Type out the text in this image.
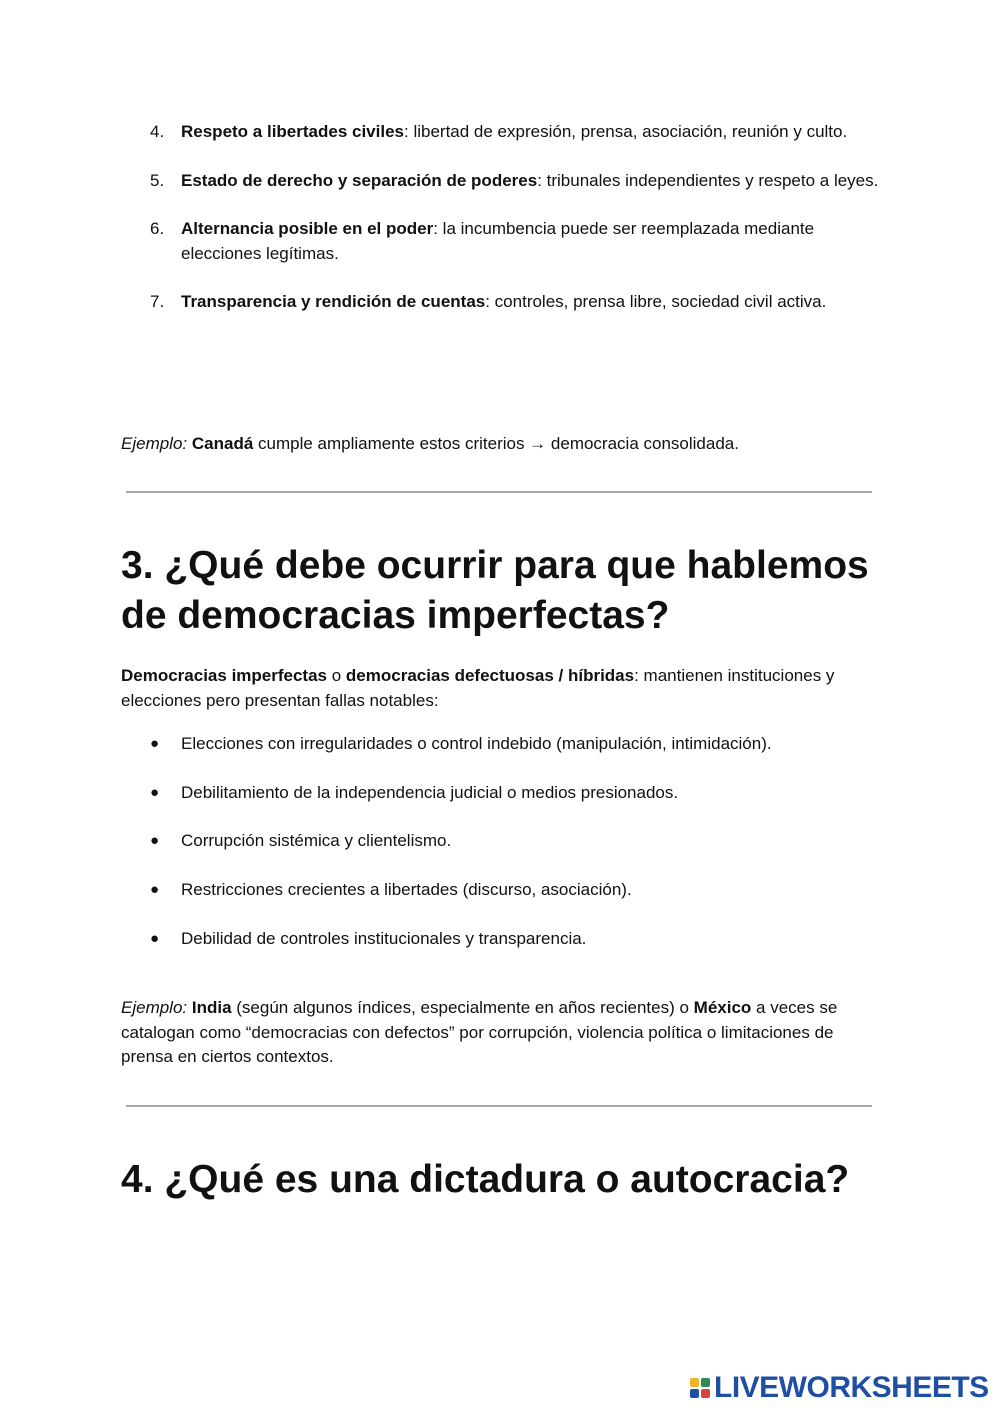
4. Respeto a libertades civiles: libertad de expresión, prensa, asociación, reunión y culto.
5. Estado de derecho y separación de poderes: tribunales independientes y respeto a leyes.
6. Alternancia posible en el poder: la incumbencia puede ser reemplazada mediante elecciones legítimas.
7. Transparencia y rendición de cuentas: controles, prensa libre, sociedad civil activa.

Ejemplo: Canadá cumple ampliamente estos criterios → democracia consolidada.

3. ¿Qué debe ocurrir para que hablemos de democracias imperfectas?

Democracias imperfectas o democracias defectuosas / híbridas: mantienen instituciones y elecciones pero presentan fallas notables:

● Elecciones con irregularidades o control indebido (manipulación, intimidación).
● Debilitamiento de la independencia judicial o medios presionados.
● Corrupción sistémica y clientelismo.
● Restricciones crecientes a libertades (discurso, asociación).
● Debilidad de controles institucionales y transparencia.

Ejemplo: India (según algunos índices, especialmente en años recientes) o México a veces se catalogan como “democracias con defectos” por corrupción, violencia política o limitaciones de prensa en ciertos contextos.

4. ¿Qué es una dictadura o autocracia?
LIVEWORKSHEETS
